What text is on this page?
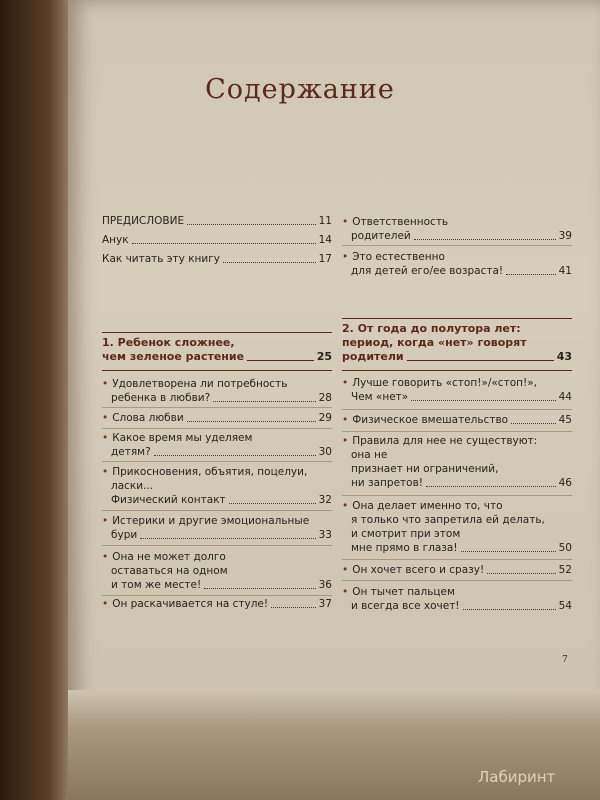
Содержание
ПРЕДИСЛОВИЕ	11
Анук	14
Как читать эту книгу	17
1. Ребенок сложнее,
чем зеленое растение	25
• Удовлетворена ли потребность
ребенка в любви?	28
• Слова любви	29
• Какое время мы уделяем
детям?	30
• Прикосновения, объятия, поцелуи,
ласки...
Физический контакт	32
• Истерики и другие эмоциональные
бури	33
• Она не может долго
оставаться на одном
и том же месте!	36
• Он раскачивается на стуле!	37
• Ответственность
родителей	39
• Это естественно
для детей его/ее возраста!	41
2. От года до полутора лет:
период, когда «нет» говорят
родители	43
• Лучше говорить «стоп!»/«стоп!»,
Чем «нет»	44
• Физическое вмешательство	45
• Правила для нее не существуют:
она не
признает ни ограничений,
ни запретов!	46
• Она делает именно то, что
я только что запретила ей делать,
и смотрит при этом
мне прямо в глаза!	50
• Он хочет всего и сразу!	52
• Он тычет пальцем
и всегда все хочет!	54
7
Лабиринт
